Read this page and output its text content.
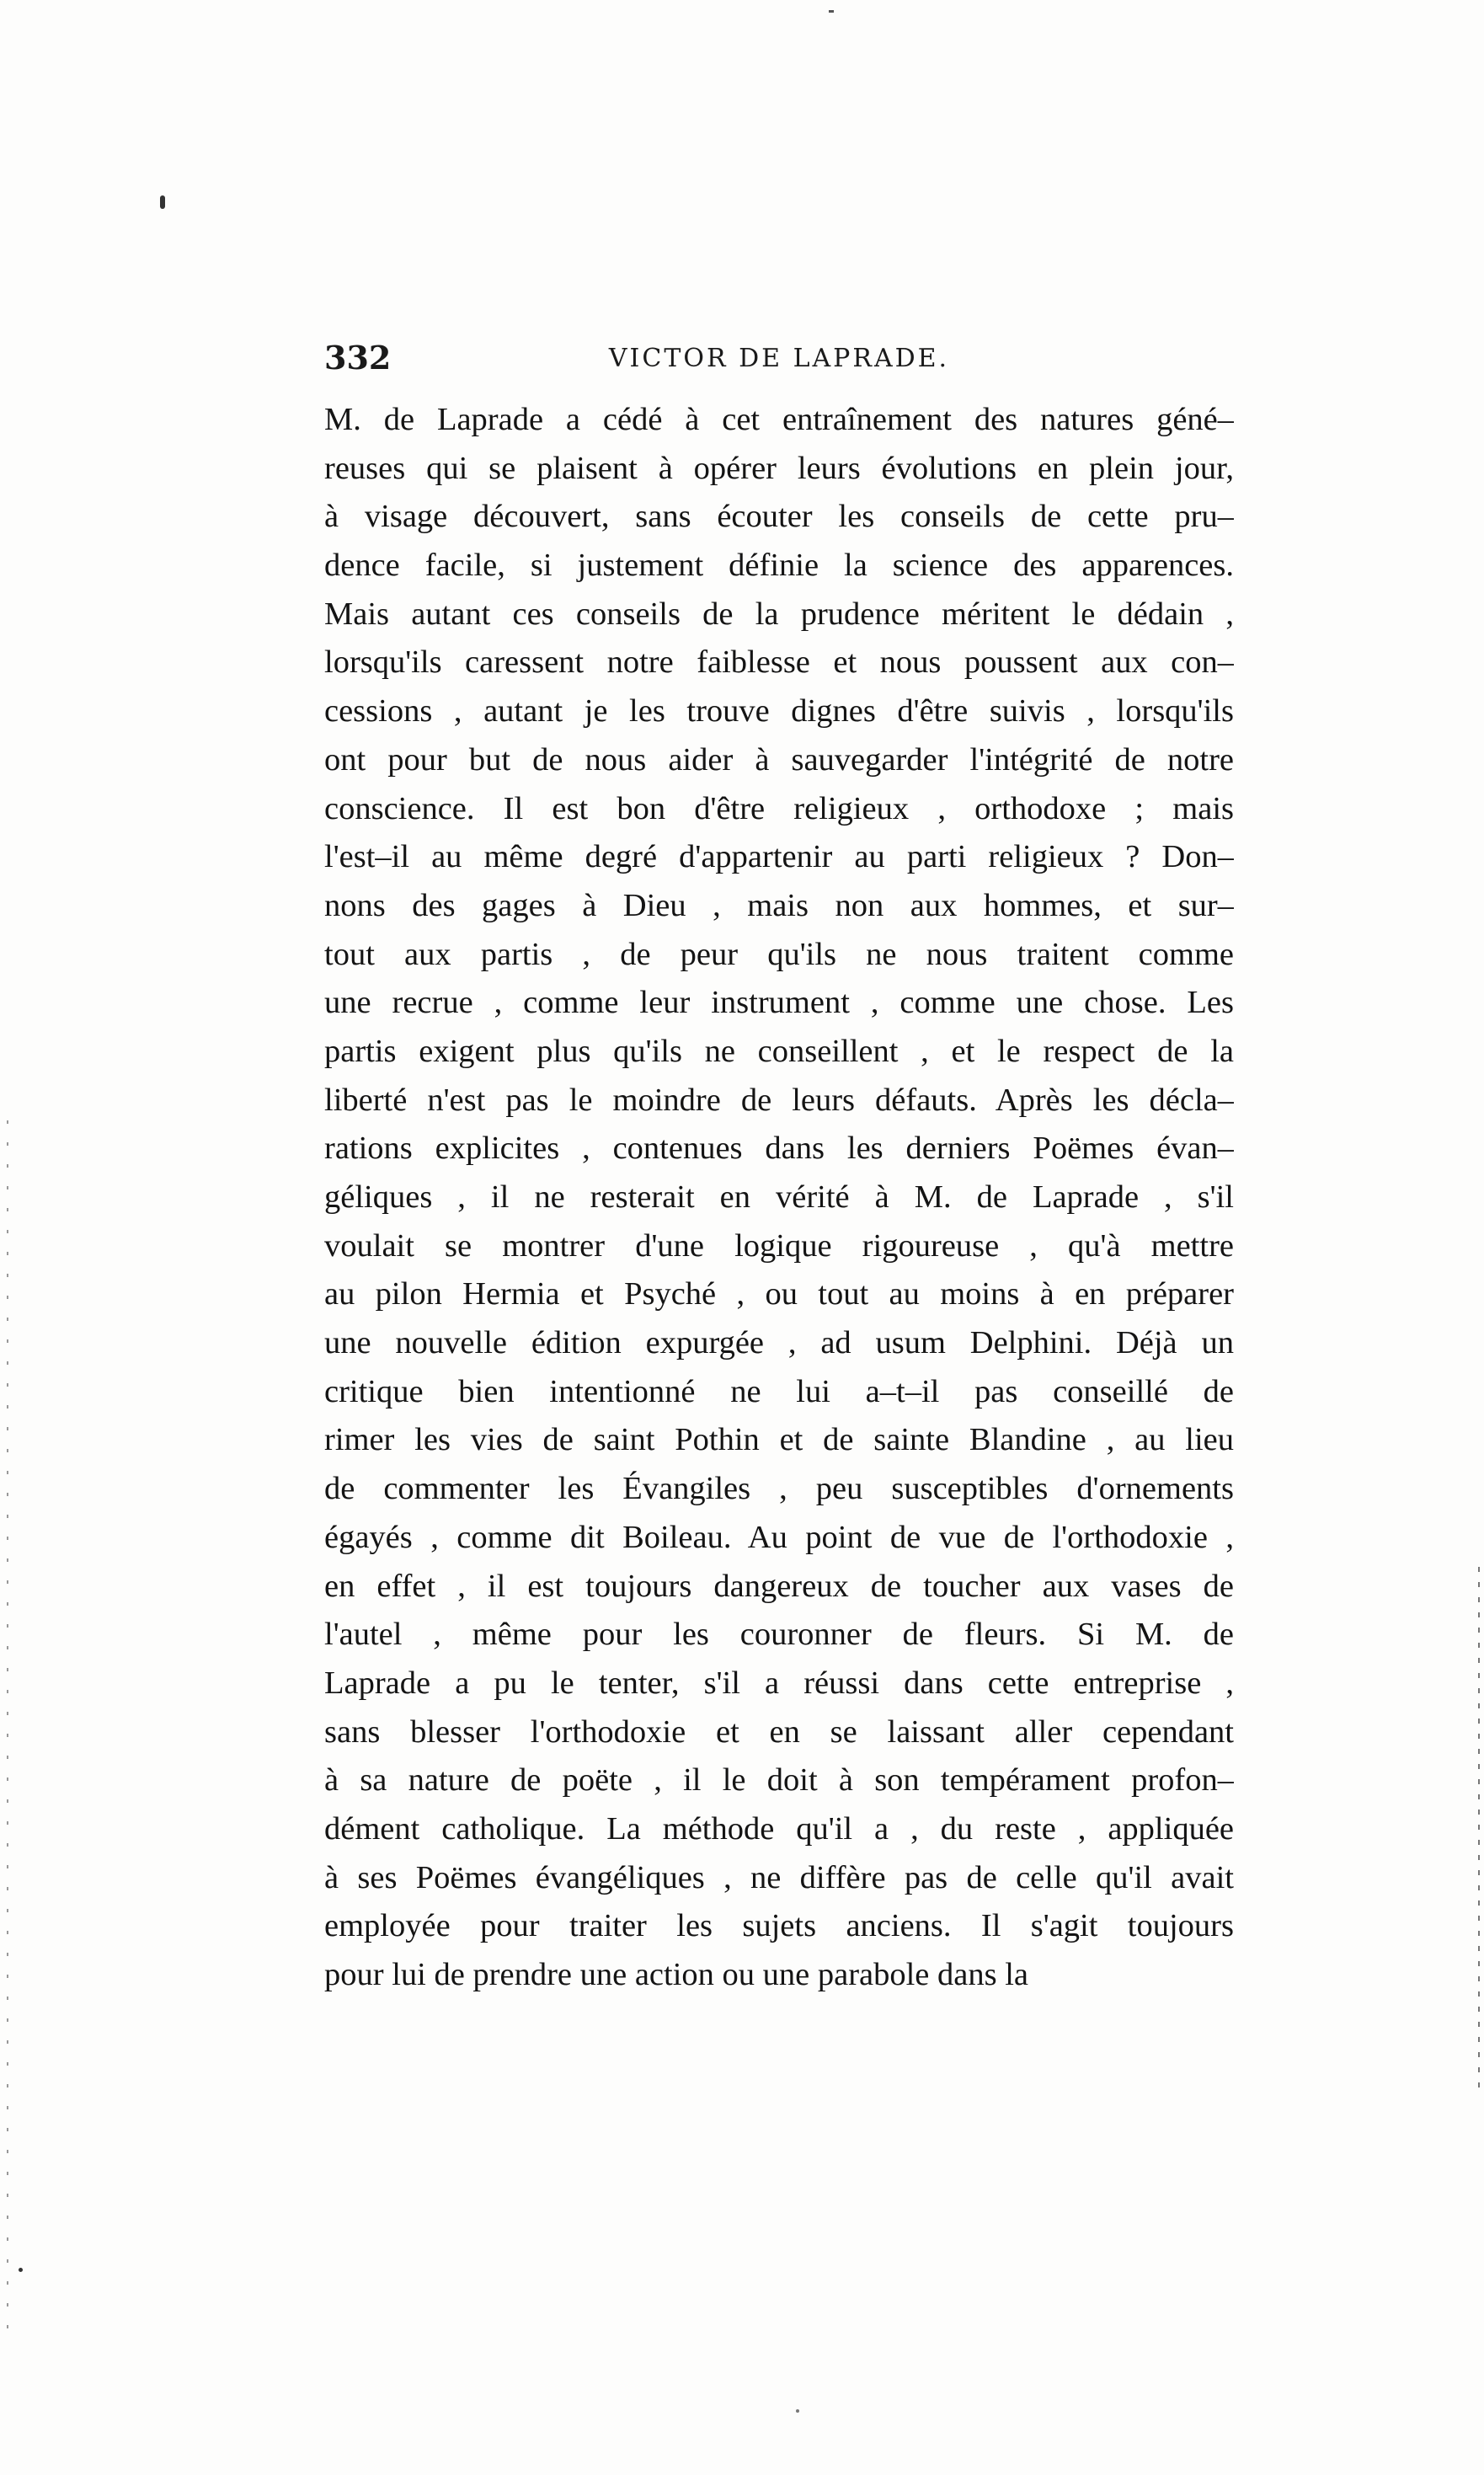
332	VICTOR DE LAPRADE.
M. de Laprade a cédé à cet entraînement des natures géné–
reuses qui se plaisent à opérer leurs évolutions en plein jour,
à visage découvert, sans écouter les conseils de cette pru–
dence facile, si justement définie la science des apparences.
Mais autant ces conseils de la prudence méritent le dédain ,
lorsqu'ils caressent notre faiblesse et nous poussent aux con–
cessions , autant je les trouve dignes d'être suivis , lorsqu'ils
ont pour but de nous aider à sauvegarder l'intégrité de notre
conscience. Il est bon d'être religieux , orthodoxe ; mais
l'est–il au même degré d'appartenir au parti religieux ? Don–
nons des gages à Dieu , mais non aux hommes, et sur–
tout aux partis , de peur qu'ils ne nous traitent comme
une recrue , comme leur instrument , comme une chose. Les
partis exigent plus qu'ils ne conseillent , et le respect de la
liberté n'est pas le moindre de leurs défauts. Après les décla–
rations explicites , contenues dans les derniers Poëmes évan–
géliques , il ne resterait en vérité à M. de Laprade , s'il
voulait se montrer d'une logique rigoureuse , qu'à mettre
au pilon Hermia et Psyché , ou tout au moins à en préparer
une nouvelle édition expurgée , ad usum Delphini. Déjà un
critique bien intentionné ne lui a–t–il pas conseillé de
rimer les vies de saint Pothin et de sainte Blandine , au lieu
de commenter les Évangiles , peu susceptibles d'ornements
égayés , comme dit Boileau. Au point de vue de l'orthodoxie ,
en effet , il est toujours dangereux de toucher aux vases de
l'autel , même pour les couronner de fleurs. Si M. de
Laprade a pu le tenter, s'il a réussi dans cette entreprise ,
sans blesser l'orthodoxie et en se laissant aller cependant
à sa nature de poëte , il le doit à son tempérament profon–
dément catholique. La méthode qu'il a , du reste , appliquée
à ses Poëmes évangéliques , ne diffère pas de celle qu'il avait
employée pour traiter les sujets anciens. Il s'agit toujours
pour lui de prendre une action ou une parabole dans la
